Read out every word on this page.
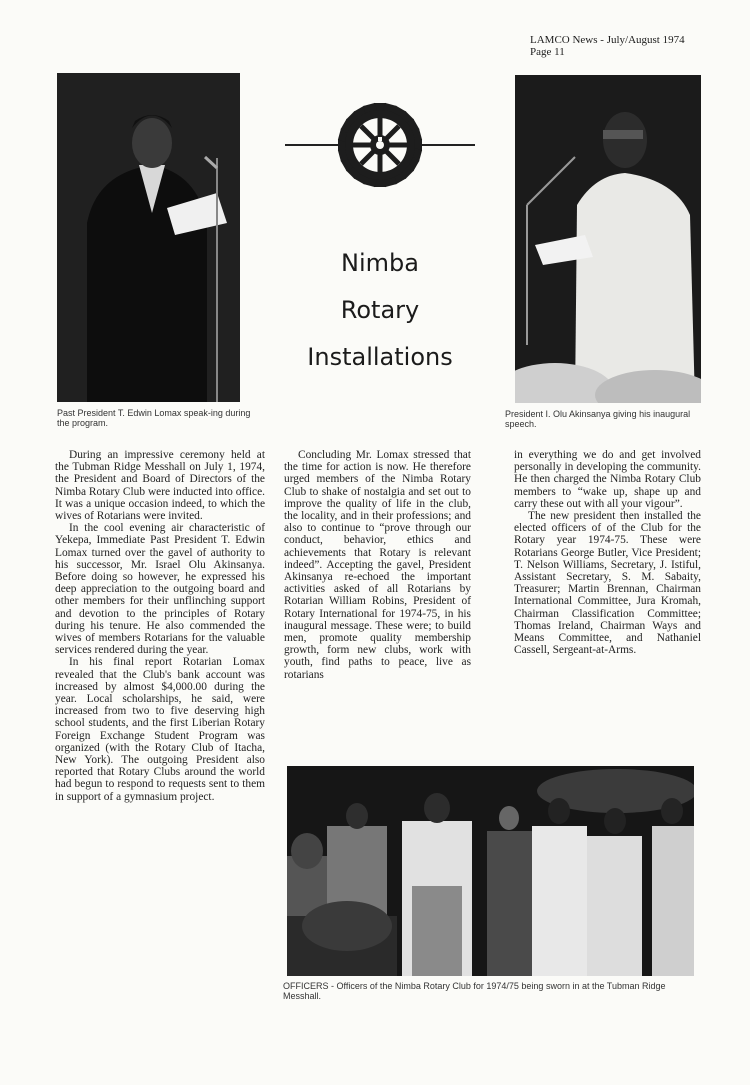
LAMCO News - July/August 1974
Page 11
Past President T. Edwin Lomax speak-ing during the program.
President I. Olu Akinsanya giving his inaugural speech.
Nimba
Rotary
Installations

During an impressive ceremony held at the Tubman Ridge Messhall on July 1, 1974, the President and Board of Directors of the Nimba Rotary Club were inducted into office. It was a unique occasion indeed, to which the wives of Rotarians were invited.

In the cool evening air characteristic of Yekepa, Immediate Past President T. Edwin Lomax turned over the gavel of authority to his successor, Mr. Israel Olu Akinsanya. Before doing so however, he expressed his deep appreciation to the outgoing board and other members for their unflinching support and devotion to the principles of Rotary during his tenure. He also commended the wives of members Rotarians for the valuable services rendered during the year.

In his final report Rotarian Lomax revealed that the Club's bank account was increased by almost $4,000.00 during the year. Local scholarships, he said, were increased from two to five deserving high school students, and the first Liberian Rotary Foreign Exchange Student Program was organized (with the Rotary Club of Itacha, New York). The outgoing President also reported that Rotary Clubs around the world had begun to respond to requests sent to them in support of a gymnasium project.

Concluding Mr. Lomax stressed that the time for action is now. He therefore urged members of the Nimba Rotary Club to shake of nostalgia and set out to improve the quality of life in the club, the locality, and in their professions; and also to continue to “prove through our conduct, behavior, ethics and achievements that Rotary is relevant indeed”. Accepting the gavel, President Akinsanya re-echoed the important activities asked of all Rotarians by Rotarian William Robins, President of Rotary International for 1974-75, in his inaugural message. These were; to build men, promote quality membership growth, form new clubs, work with youth, find paths to peace, live as rotarians

in everything we do and get involved personally in developing the community. He then charged the Nimba Rotary Club members to “wake up, shape up and carry these out with all your vigour”.

The new president then installed the elected officers of of the Club for the Rotary year 1974-75. These were Rotarians George Butler, Vice President; T. Nelson Williams, Secretary, J. Istiful, Assistant Secretary, S. M. Sabaity, Treasurer; Martin Brennan, Chairman International Committee, Jura Kromah, Chairman Classification Committee; Thomas Ireland, Chairman Ways and Means Committee, and Nathaniel Cassell, Sergeant-at-Arms.

OFFICERS - Officers of the Nimba Rotary Club for 1974/75 being sworn in at the Tubman Ridge Messhall.
